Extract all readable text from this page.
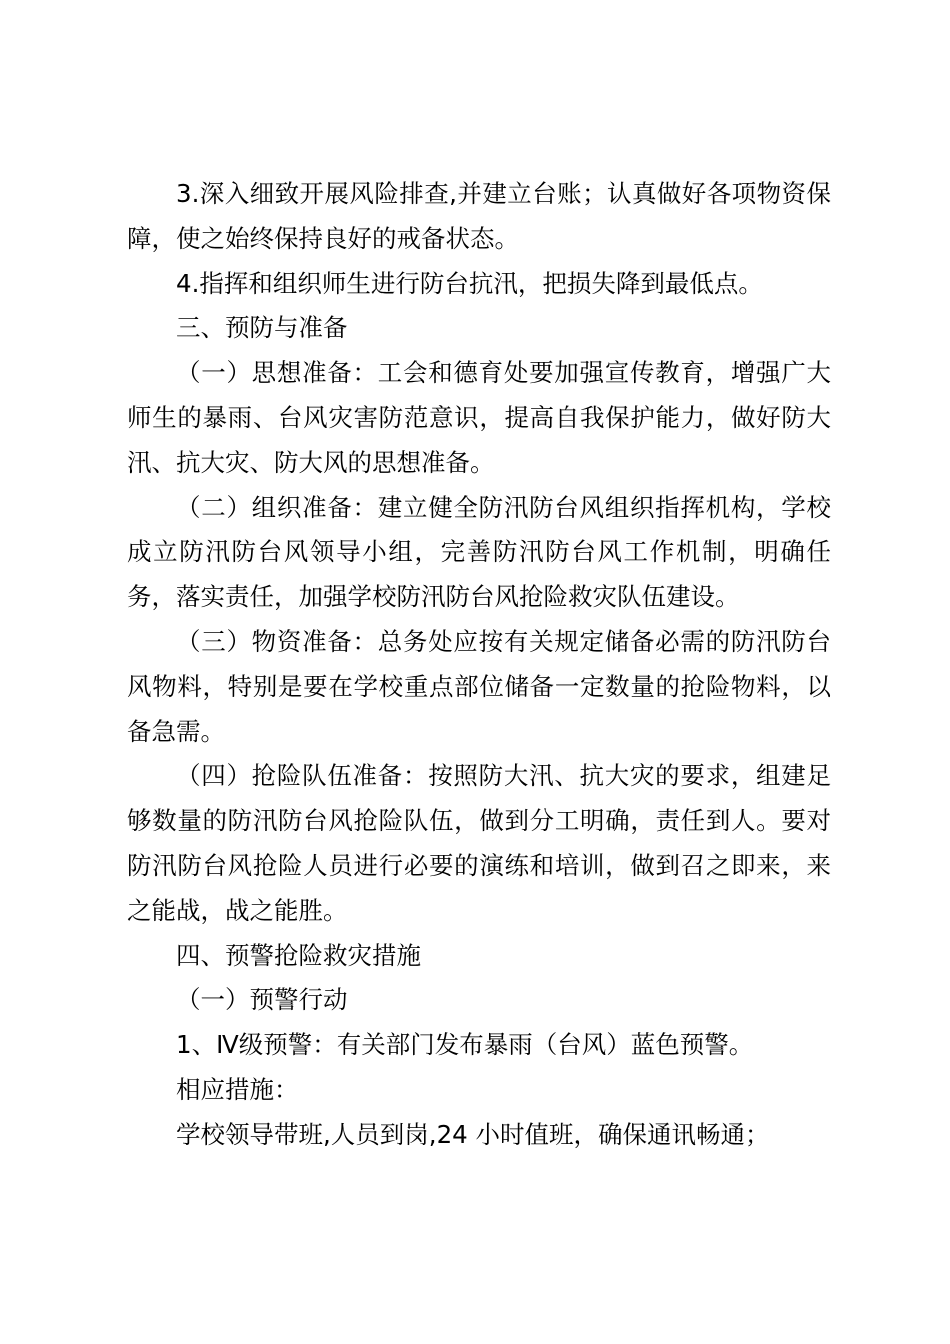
3.深入细致开展风险排查,并建立台账；认真做好各项物资保障，使之始终保持良好的戒备状态。

4.指挥和组织师生进行防台抗汛，把损失降到最低点。

三、预防与准备

（一）思想准备：工会和德育处要加强宣传教育，增强广大师生的暴雨、台风灾害防范意识，提高自我保护能力，做好防大汛、抗大灾、防大风的思想准备。

（二）组织准备：建立健全防汛防台风组织指挥机构，学校成立防汛防台风领导小组，完善防汛防台风工作机制，明确任务，落实责任，加强学校防汛防台风抢险救灾队伍建设。

（三）物资准备：总务处应按有关规定储备必需的防汛防台风物料，特别是要在学校重点部位储备一定数量的抢险物料，以备急需。

（四）抢险队伍准备：按照防大汛、抗大灾的要求，组建足够数量的防汛防台风抢险队伍，做到分工明确，责任到人。要对防汛防台风抢险人员进行必要的演练和培训，做到召之即来，来之能战，战之能胜。

四、预警抢险救灾措施

（一）预警行动

1、Ⅳ级预警：有关部门发布暴雨（台风）蓝色预警。

相应措施：

学校领导带班,人员到岗,24 小时值班，确保通讯畅通；
